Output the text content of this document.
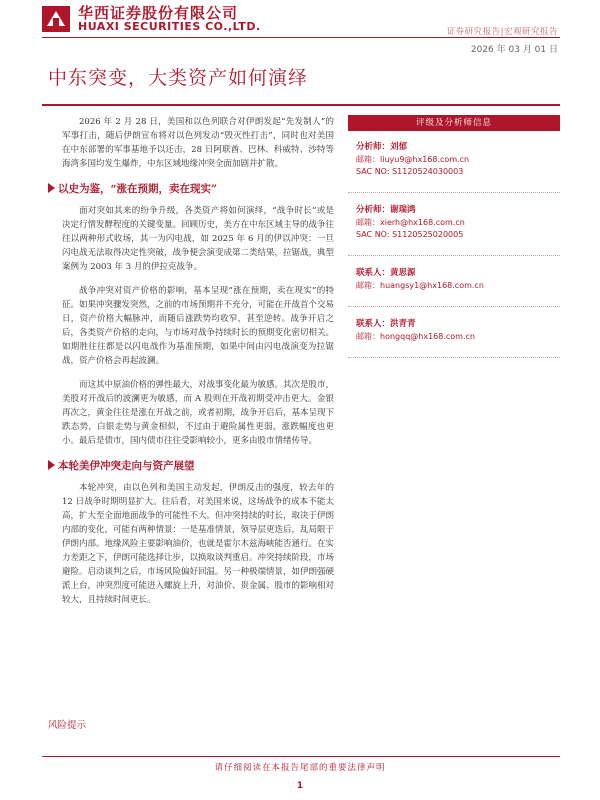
华西证券股份有限公司
HUAXI SECURITIES CO.,LTD.	证券研究报告|宏观研究报告
2026 年 03 月 01 日
中东突变，大类资产如何演绎

2026 年 2 月 28 日，美国和以色列联合对伊朗发起“先发制人”的军事打击，随后伊朗宣布将对以色列发动“毁灭性打击”，同时也对美国在中东部署的军事基地予以还击，28 日阿联酋、巴林、科威特、沙特等海湾多国均发生爆炸，中东区域地缘冲突全面加剧并扩散。

以史为鉴，“涨在预期，卖在现实”

面对突如其来的纷争升级，各类资产将如何演绎，“战争时长”或是决定行情发酵程度的关键变量。回顾历史，美方在中东区域主导的战争往往以两种形式收场，其一为闪电战，如 2025 年 6 月的伊以冲突：一旦闪电战无法取得决定性突破，战争便会演变成第二类结果，拉锯战，典型案例为 2003 年 3 月的伊拉克战争。

战争冲突对资产价格的影响，基本呈现“涨在预期，卖在现实”的特征。如果冲突骤发突然，之前的市场预期并不充分，可能在开战首个交易日，资产价格大幅脉冲，而随后涨跌势均收窄，甚至逆转。战争开启之后，各类资产价格的走向，与市场对战争持续时长的预期变化密切相关。如期胜往往都是以闪电战作为基准预期，如果中间由闪电战演变为拉锯战，资产价格会再起波澜。

而这其中原油价格的弹性最大，对战事变化最为敏感。其次是股市，美股对开战后的波澜更为敏感，而 A 股则在开战初期受冲击更大。金银再次之，黄金往往是涨在开战之前，或者初期，战争开启后，基本呈现下跌态势，白银走势与黄金相似，不过由于避险属性更弱，涨跌幅度也更小。最后是债市，国内债市往往受影响较小，更多由股市情绪传导。

本轮美伊冲突走向与资产展望

本轮冲突，由以色列和美国主动发起，伊朗反击的强度，较去年的 12 日战争时期明显扩大。往后看，对美国来说，这场战争的成本不能太高，扩大至全面地面战争的可能性不大。但冲突持续的时长，取决于伊朗内部的变化，可能有两种情景：一是基准情景，领导层更迭后，乱局限于伊朗内部。地缘风险主要影响油价，也就是霍尔木兹海峡能否通行。在实力差距之下，伊朗可能选择让步，以换取谈判重启。冲突持续阶段，市场避险。启动谈判之后，市场风险偏好回温。另一种极端情景，如伊朗强硬派上台，冲突烈度可能进入螺旋上升，对油价、贵金属、股市的影响相对较大，且持续时间更长。

评级及分析师信息
分析师：刘郁
邮箱：liuyu9@hx168.com.cn
SAC NO: S1120524030003
分析师：谢瑞鸿
邮箱：xierh@hx168.com.cn
SAC NO: S1120525020005
联系人：黄思源
邮箱：huangsy1@hx168.com.cn
联系人：洪青青
邮箱：hongqq@hx168.com.cn
风险提示
请仔细阅读在本报告尾部的重要法律声明
1
